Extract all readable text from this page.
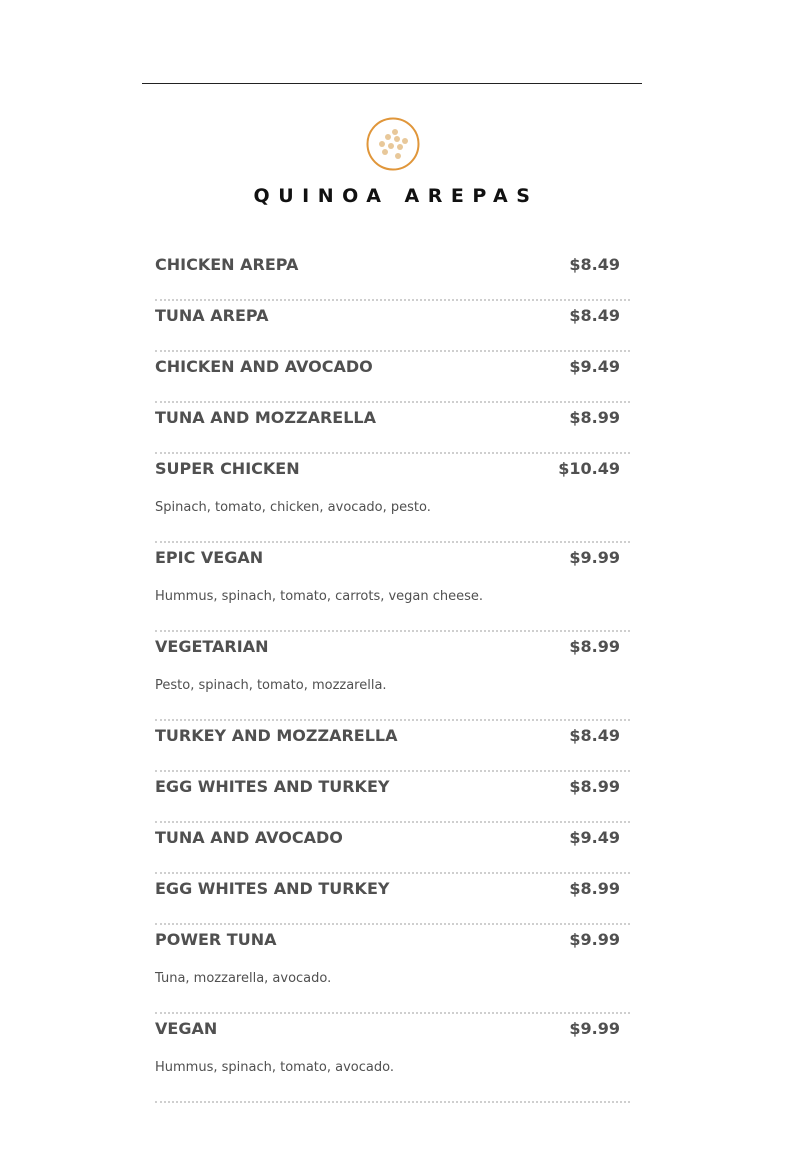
QUINOA AREPAS
CHICKEN AREPA	$8.49
TUNA AREPA	$8.49
CHICKEN AND AVOCADO	$9.49
TUNA AND MOZZARELLA	$8.99
SUPER CHICKEN	$10.49
Spinach, tomato, chicken, avocado, pesto.
EPIC VEGAN	$9.99
Hummus, spinach, tomato, carrots, vegan cheese.
VEGETARIAN	$8.99
Pesto, spinach, tomato, mozzarella.
TURKEY AND MOZZARELLA	$8.49
EGG WHITES AND TURKEY	$8.99
TUNA AND AVOCADO	$9.49
EGG WHITES AND TURKEY	$8.99
POWER TUNA	$9.99
Tuna, mozzarella, avocado.
VEGAN	$9.99
Hummus, spinach, tomato, avocado.
